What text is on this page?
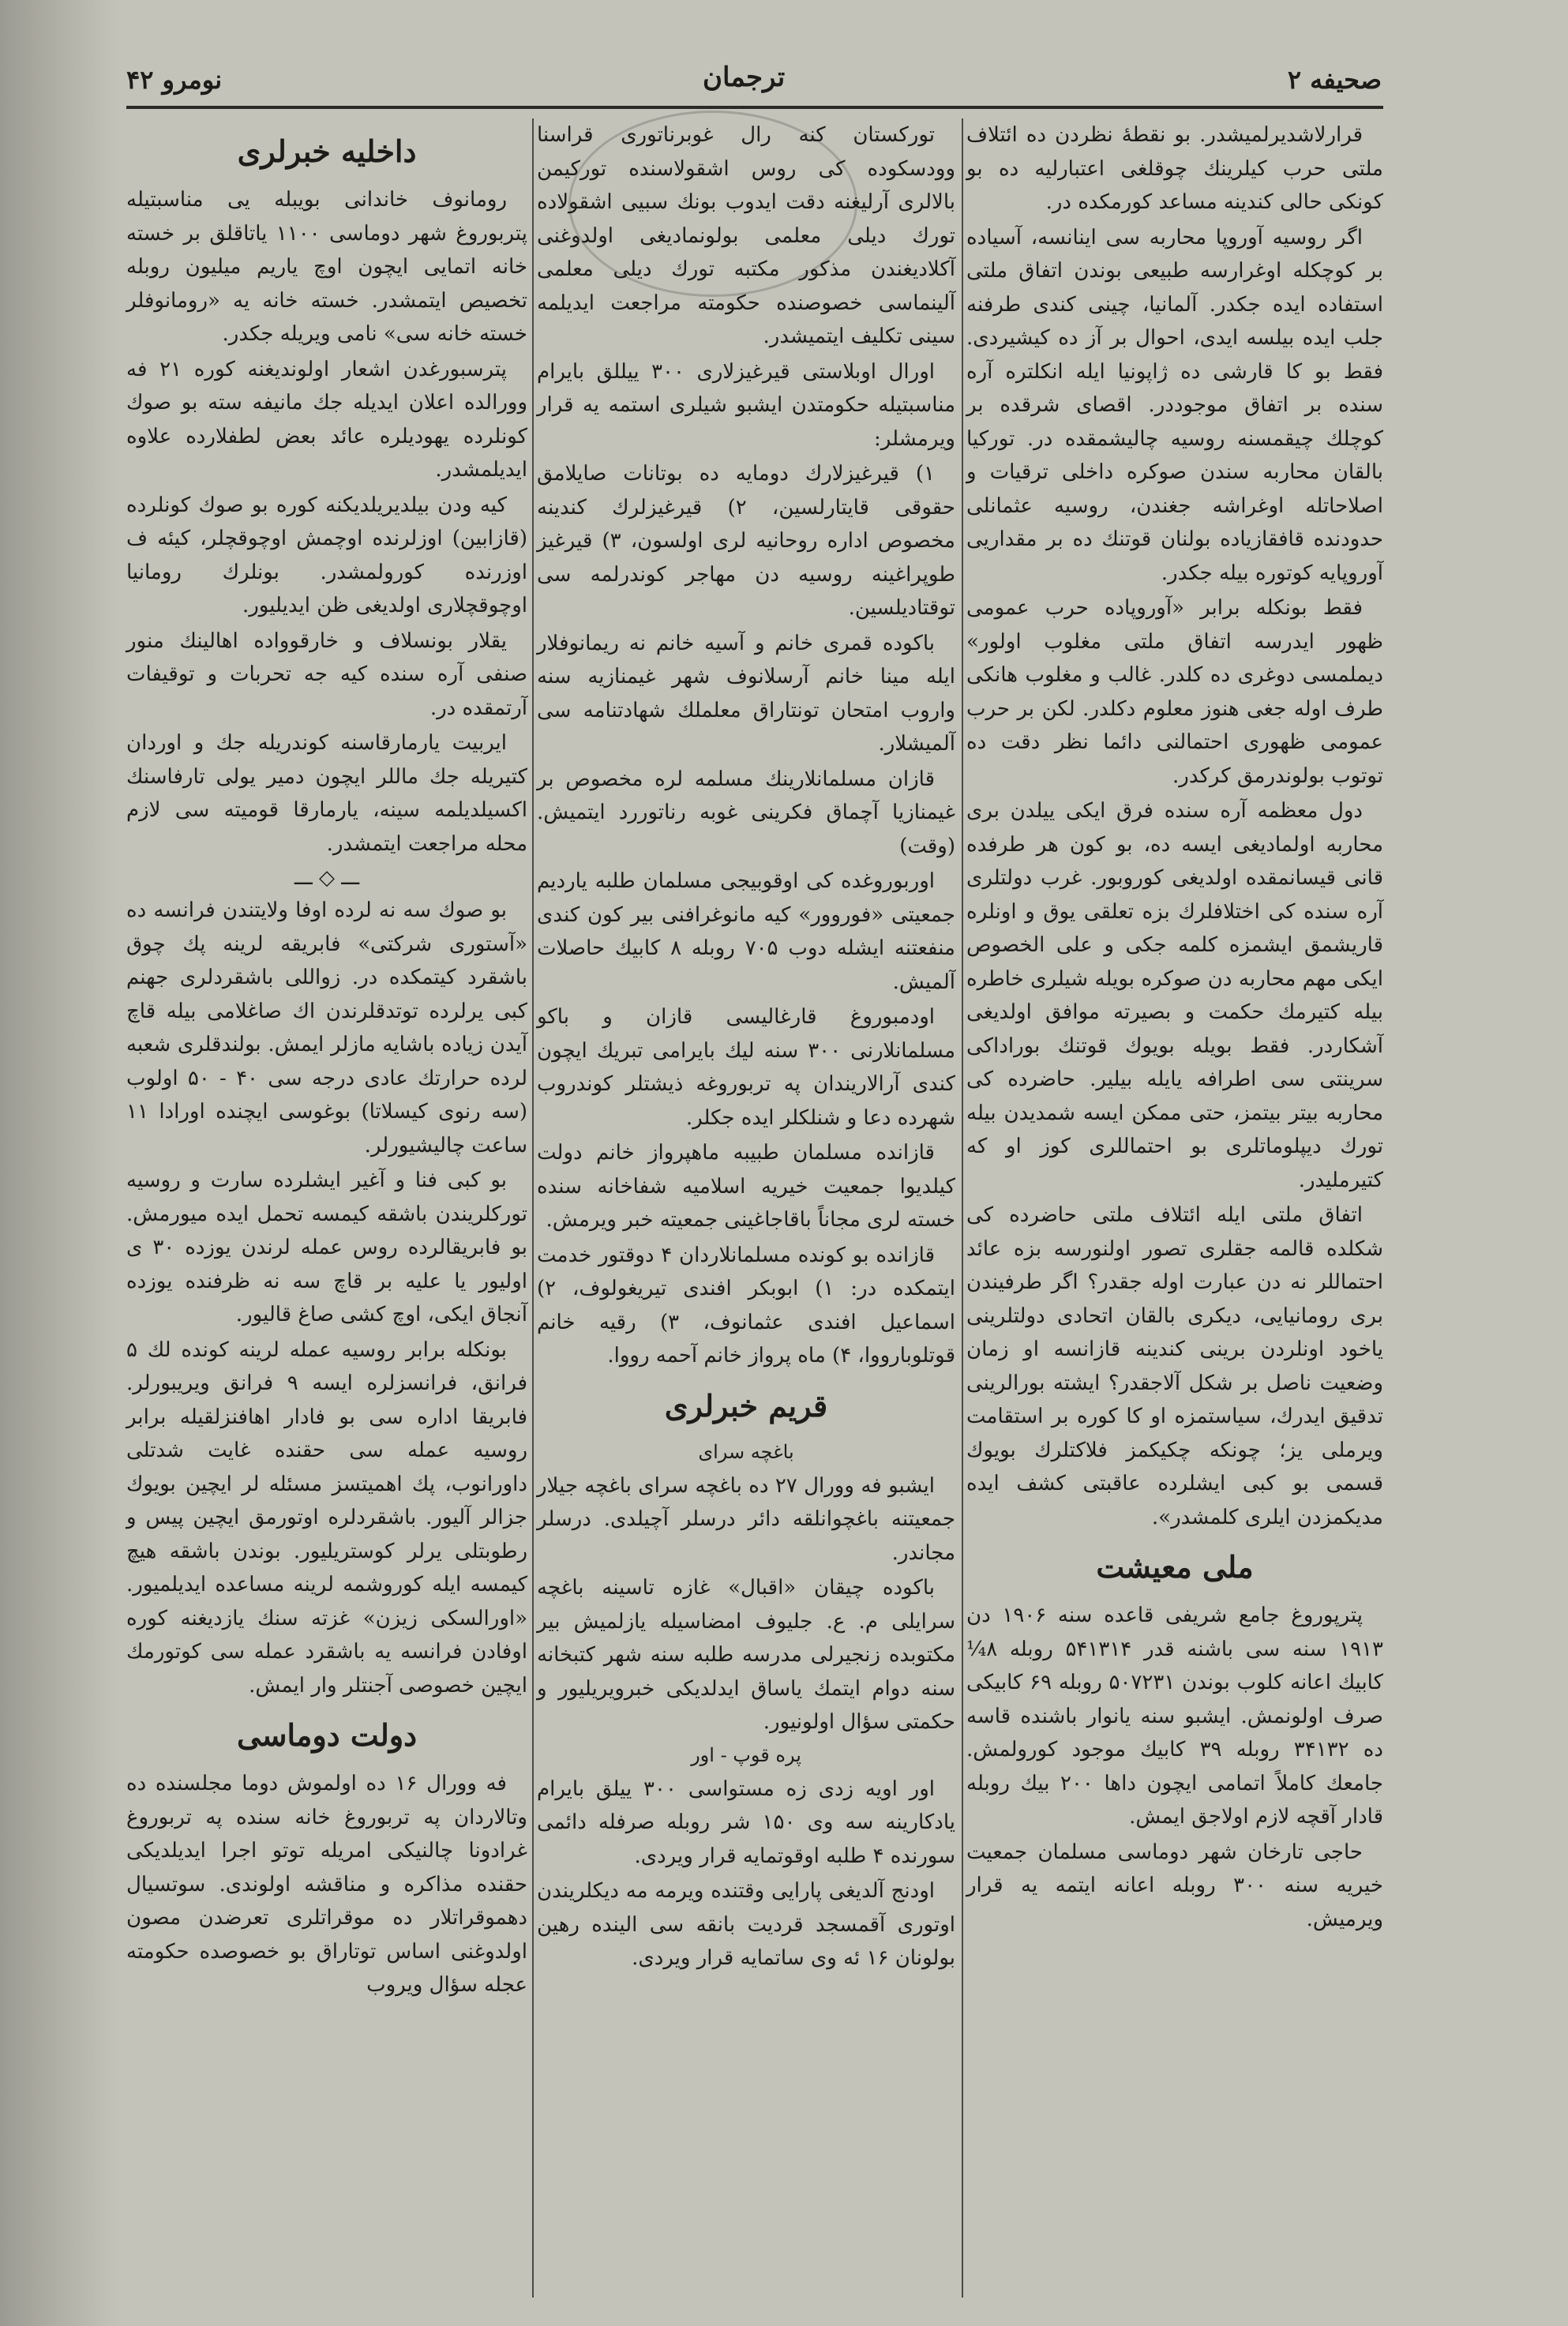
نومرو ۴۲	ترجمان	صحیفه ۲

قرارلاشدیرلمیشدر. بو نقطهٔ نظردن ده ائتلاف ملتی حرب کیلرینك چوقلغی اعتبارلیه ده بو کونکی حالی کندینه مساعد کورمکده در.

اگر روسیه آوروپا محاربه سی اینانسه، آسیاده بر کوچکله اوغرارسه طبیعی بوندن اتفاق ملتی استفاده ایده جکدر. آلمانیا، چینی کندی طرفنه جلب ایده بیلسه ایدی، احوال بر آز ده کیشیردی. فقط بو کا قارشی ده ژاپونیا ایله انکلتره آره سنده بر اتفاق موجوددر. اقصای شرقده بر کوچلك چیقمسنه روسیه چالیشمقده در. تورکیا بالقان محاربه سندن صوکره داخلی ترقیات و اصلاحاتله اوغراشه جغندن، روسیه عثمانلی حدودنده قافقازیاده بولنان قوتنك ده بر مقداریی آوروپایه کوتوره بیله جکدر.

فقط بونکله برابر «آوروپاده حرب عمومی ظهور ایدرسه اتفاق ملتی مغلوب اولور» دیملمسی دوغری ده کلدر. غالب و مغلوب هانکی طرف اوله جغی هنوز معلوم دکلدر. لکن بر حرب عمومی ظهوری احتمالنی دائما نظر دقت ده توتوب بولوندرمق کرکدر.

دول معظمه آره سنده فرق ایکی ییلدن بری محاربه اولمادیغی ایسه ده، بو کون هر طرفده قانی قیسانمقده اولدیغی کوروبور. غرب دولتلری آره سنده کی اختلافلرك بزه تعلقی یوق و اونلره قاریشمق ایشمزه کلمه جکی و علی الخصوص ایکی مهم محاربه دن صوکره بویله شیلری خاطره بیله کتیرمك حکمت و بصیرته موافق اولدیغی آشکاردر. فقط بویله بویوك قوتنك بوراداکی سرینتی سی اطرافه یایله بیلیر. حاضرده کی محاربه بیتر بیتمز، حتی ممکن ایسه شمدیدن بیله تورك دیپلوماتلری بو احتماللری کوز او که کتیرملیدر.

اتفاق ملتی ایله ائتلاف ملتی حاضرده کی شکلده قالمه جقلری تصور اولنورسه بزه عائد احتماللر نه دن عبارت اوله جقدر؟ اگر طرفیندن بری رومانیایی، دیکری بالقان اتحادی دولتلرینی یاخود اونلردن برینی کندینه قازانسه او زمان وضعیت ناصل بر شکل آلاجقدر؟ ایشته بورالرینی تدقیق ایدرك، سیاستمزه او کا کوره بر استقامت ویرملی یز؛ چونکه چکیکمز فلاکتلرك بویوك قسمی بو کبی ایشلرده عاقبتی کشف ایده مدیکمزدن ایلری کلمشدر».

ملی معیشت

پترپوروغ جامع شریفی قاعده سنه ۱۹۰۶ دن ۱۹۱۳ سنه سی باشنه قدر ۵۴۱۳۱۴ روبله ۸¼ کابیك اعانه کلوب بوندن ۵۰۷۲۳۱ روبله ۶۹ کابیکی صرف اولونمش. ایشبو سنه یانوار باشنده قاسه ده ۳۴۱۳۲ روبله ۳۹ کابیك موجود کورولمش. جامعك کاملاً اتمامی ایچون داها ۲۰۰ بیك روبله قادار آقچه لازم اولاجق ایمش.

حاجی تارخان شهر دوماسی مسلمان جمعیت خیریه سنه ۳۰۰ روبله اعانه ایتمه یه قرار ویرمیش.

تورکستان کنه رال غوبرناتوری قراسنا وودسکوده کی روس اشقولاسنده تورکیمن بالالری آرلیغنه دقت ایدوب بونك سبیی اشقولاده تورك دیلی معلمی بولونمادیغی اولدوغنی آکلادیغندن مذکور مکتبه تورك دیلی معلمی آلینماسی خصوصنده حکومته مراجعت ایدیلمه سینی تکلیف ایتمیشدر.

اورال اوبلاستی قیرغیزلاری ۳۰۰ ییللق بایرام مناسبتیله حکومتدن ایشبو شیلری استمه یه قرار ویرمشلر:

۱) قیرغیزلارك دومایه ده بوتانات صایلامق حقوقی قایتارلسین، ۲) قیرغیزلرك کندینه مخصوص اداره روحانیه لری اولسون، ۳) قیرغیز طوپراغینه روسیه دن مهاجر کوندرلمه سی توقتادیلسین.

باکوده قمری خانم و آسیه خانم نه ریمانوفلار ایله مینا خانم آرسلانوف شهر غیمنازیه سنه واروب امتحان تونتاراق معلملك شهادتنامه سی آلمیشلار.

قازان مسلمانلارینك مسلمه لره مخصوص بر غیمنازیا آچماق فکرینی غوبه رناتوررد ایتمیش. (وقت)

اوربوروغده کی اوقوبیجی مسلمان طلبه یاردیم جمعیتی «فوروور» کیه مانوغرافنی بیر کون کندی منفعتنه ایشله دوب ۷۰۵ روبله ۸ کابیك حاصلات آلمیش.

اودمبوروغ قارغالیسی قازان و باکو مسلمانلارنی ۳۰۰ سنه لیك بایرامی تبریك ایچون کندی آرالاریندان په تربوروغه ذیشتلر کوندروب شهرده دعا و شنلکلر ایده جکلر.

قازانده مسلمان طبیبه ماهپرواز خانم دولت کیلدیوا جمعیت خیریه اسلامیه شفاخانه سنده خسته لری مجاناً باقاجاغینی جمعیته خبر ویرمش.

قازانده بو کونده مسلمانلاردان ۴ دوقتور خدمت ایتمکده در: ۱) ابوبکر افندی تیریغولوف، ۲) اسماعیل افندی عثمانوف، ۳) رقیه خانم قوتلوبارووا، ۴) ماه پرواز خانم آحمه رووا.

قریم خبرلری
باغچه سرای

ایشبو فه وورال ۲۷ ده باغچه سرای باغچه جیلار جمعیتنه باغچوانلقه دائر درسلر آچیلدی. درسلر مجاندر.

باکوده چیقان «اقبال» غازه تاسینه باغچه سرایلی م. ع. جلیوف امضاسیله یازلمیش بیر مکتوبده زنجیرلی مدرسه طلبه سنه شهر کتبخانه سنه دوام ایتمك یاساق ایدلدیکی خبرویریلیور و حکمتی سؤال اولونیور.

پره قوپ - اور

اور اویه زدی زه مستواسی ۳۰۰ ییلق بایرام یادکارینه سه وی ۱۵۰ شر روبله صرفله دائمی سورنده ۴ طلبه اوقوتمایه قرار ویردی.

اودنج آلدیغی پارایی وقتنده ویرمه مه دیکلریندن اوتوری آقمسجد قردیت بانقه سی الینده رهین بولونان ۱۶ ئه وی ساتمایه قرار ویردی.

داخلیه خبرلری

رومانوف خاندانی بویبله یی مناسبتیله پتربوروغ شهر دوماسی ۱۱۰۰ یاتاقلق بر خسته خانه اتمایی ایچون اوچ یاریم میلیون روبله تخصیص ایتمشدر. خسته خانه یه «رومانوفلر خسته خانه سی» نامی ویریله جکدر.

پترسبورغدن اشعار اولوندیغنه کوره ۲۱ فه وورالده اعلان ایدیله جك مانیفه سته بو صوك کونلرده یهودیلره عائد بعض لطفلارده علاوه ایدیلمشدر.

کیه ودن بیلدیریلدیکنه کوره بو صوك کونلرده (قازابین) اوزلرنده اوچمش اوچوقچلر، کیئه ف اوزرنده کورولمشدر. بونلرك رومانیا اوچوقچلاری اولدیغی ظن ایدیلیور.

یقلار بونسلاف و خارقوواده اهالینك منور صنفی آره سنده کیه جه تحربات و توقیفات آرتمقده در.

ایربیت یارمارقاسنه کوندریله جك و اوردان کتیریله جك ماللر ایچون دمیر یولی تارفاسنك اکسیلدیلمه سینه، یارمارقا قومیته سی لازم محله مراجعت ایتمشدر.

ـــ ◇ ـــ

بو صوك سه نه لرده اوفا ولایتندن فرانسه ده «آستوری شرکتی» فابریقه لرینه پك چوق باشقرد کیتمکده در. زواللی باشقردلری جهنم کبی یرلرده توتدقلرندن اك صاغلامی بیله قاچ آیدن زیاده باشایه مازلر ایمش. بولندقلری شعبه لرده حرارتك عادی درجه سی ۴۰ - ۵۰ اولوب (سه رنوی کیسلاتا) بوغوسی ایچنده اورادا ۱۱ ساعت چالیشیورلر.

بو کبی فنا و آغیر ایشلرده سارت و روسیه تورکلریندن باشقه کیمسه تحمل ایده میورمش. بو فابریقالرده روس عمله لرندن یوزده ۳۰ ی اولیور یا علیه بر قاچ سه نه ظرفنده یوزده آنجاق ایکی، اوچ کشی صاغ قالیور.

بونکله برابر روسیه عمله لرینه کونده لك ۵ فرانق، فرانسزلره ایسه ۹ فرانق ویریبورلر. فابریقا اداره سی بو فادار اهافنزلقیله برابر روسیه عمله سی حقنده غایت شدتلی داورانوب، پك اهمیتسز مسئله لر ایچین بویوك جزالر آلیور. باشقردلره اوتورمق ایچین پیس و رطوبتلی یرلر کوستریلیور. بوندن باشقه هیچ کیمسه ایله کوروشمه لرینه مساعده ایدیلمیور. «اورالسکی زیزن» غزته سنك یازدیغنه کوره اوفادن فرانسه یه باشقرد عمله سی کوتورمك ایچین خصوصی آجنتلر وار ایمش.

دولت دوماسی

فه وورال ۱۶ ده اولموش دوما مجلسنده ده وتالاردان په تربوروغ خانه سنده په تربوروغ غرادونا چالنیکی امریله توتو اجرا ایدیلدیکی حقنده مذاکره و مناقشه اولوندی. سوتسیال دهموقراتلار ده موقراتلری تعرضدن مصون اولدوغنی اساس توتاراق بو خصوصده حکومته عجله سؤال ویروب
